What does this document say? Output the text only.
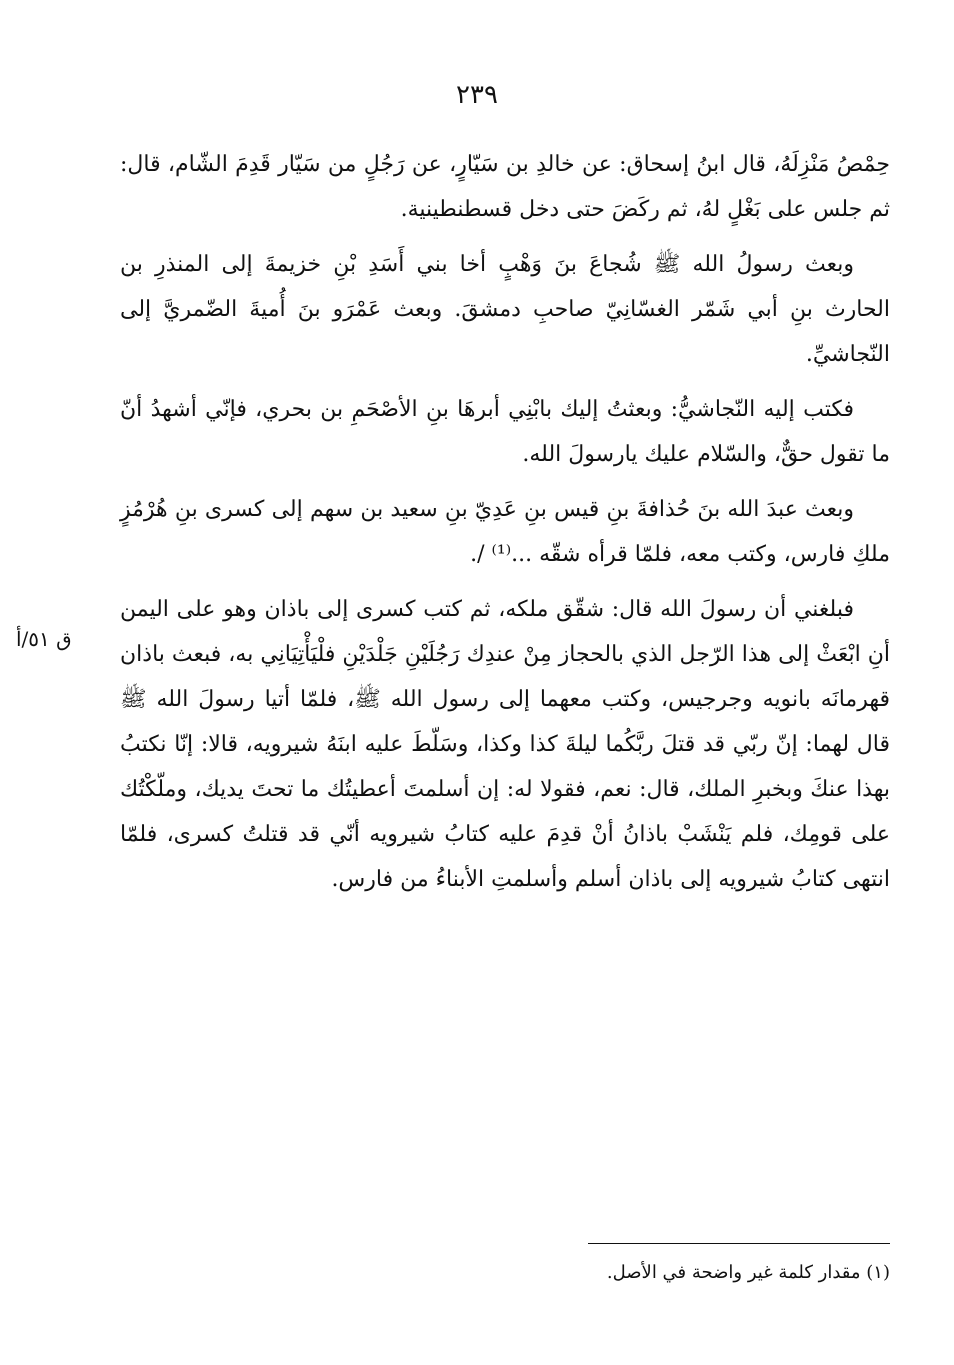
٢٣٩

حِمْصُ مَنْزِلَهُ، قال ابنُ إسحاق: عن خالدِ بن سَيّارٍ، عن رَجُلٍ من سَيّار قَدِمَ الشّام، قال: ثم جلس على بَغْلٍ لهُ، ثم ركَضَ حتى دخل قسطنطينية.

وبعث رسولُ الله ﷺ شُجاعَ بنَ وَهْبٍ أخا بني أَسَدِ بْنِ خزيمةَ إلى المنذرِ بن الحارث بنِ أبي شَمّر الغسّانِيّ صاحبِ دمشقَ. وبعث عَمْرَو بنَ أُميةَ الضّمريَّ إلى النّجاشيِّ.

فكتب إليه النّجاشيُّ: وبعثتُ إليك بابْنِي أبرهَا بنِ الأصْحَمِ بن بحري، فإنّي أشهدُ أنّ ما تقول حقٌّ، والسّلام عليك يارسولَ الله.

وبعث عبدَ الله بنَ حُذافةَ بنِ قيس بنِ عَدِيّ بنِ سعيد بن سهم إلى كسرى بنِ هُرْمُزٍ ملكِ فارس، وكتب معه، فلمّا قرأه شقّه ...⁽¹⁾ /.

فبلغني أن رسولَ الله قال: شقّق ملكه، ثم كتب كسرى إلى باذان وهو على اليمن أنِ ابْعَثْ إلى هذا الرّجل الذي بالحجاز مِنْ عندِك رَجُلَيْنِ جَلْدَيْنِ فلْيَأْتِيَانِي به، فبعث باذان قهرمانَه بانويه وجرجيس، وكتب معهما إلى رسول الله ﷺ، فلمّا أتيا رسولَ الله ﷺ قال لهما: إنّ ربّي قد قتلَ ربَّكُما ليلةَ كذا وكذا، وسَلّطَ عليه ابنَهُ شيرويه، قالا: إنّا نكتبُ بهذا عنكَ وبخبرِ الملك، قال: نعم، فقولا له: إن أسلمتَ أعطيتُك ما تحتَ يديك، وملّكْتُك على قومِك، فلم يَنْشَبْ باذانُ أنْ قدِمَ عليه كتابُ شيرويه أنّي قد قتلتُ كسرى، فلمّا انتهى كتابُ شيرويه إلى باذان أسلم وأسلمتِ الأبناءُ من فارس.

ق ٥١/أ
(١) مقدار كلمة غير واضحة في الأصل.
